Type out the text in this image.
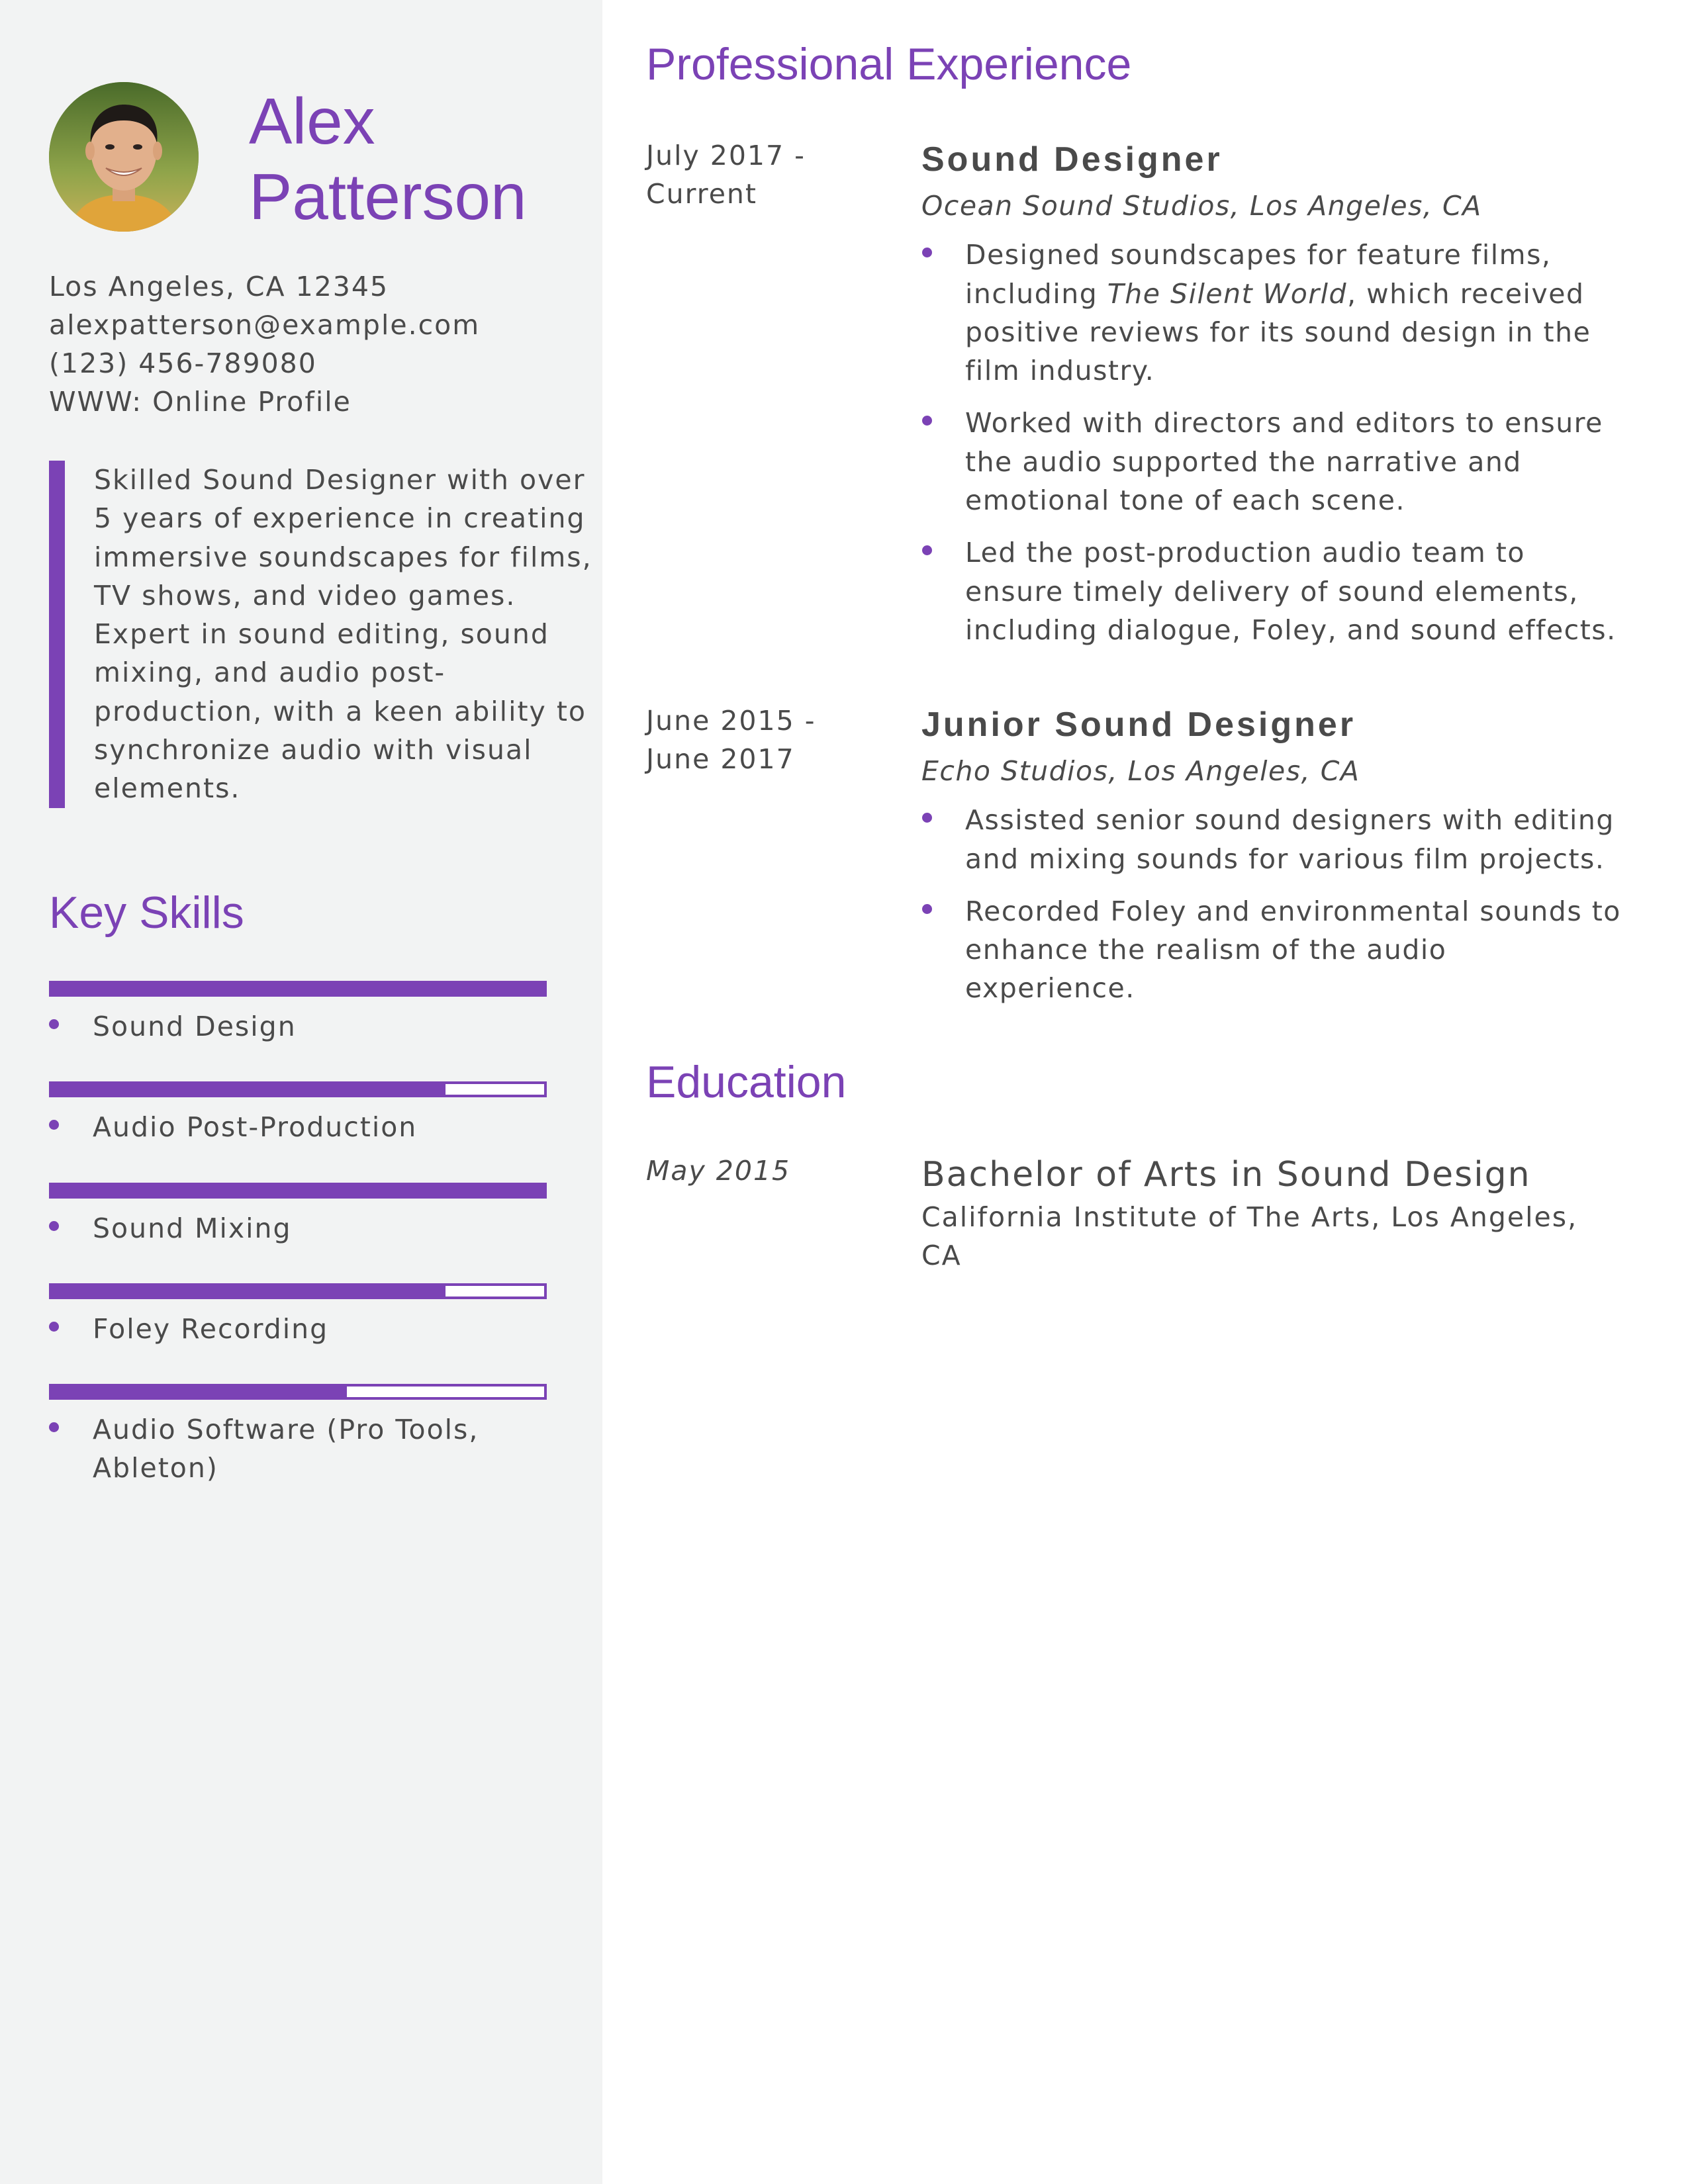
Alex
Patterson
Los Angeles, CA 12345
alexpatterson@example.com
(123) 456-789080
WWW: Online Profile
Skilled Sound Designer with over 5 years of experience in creating immersive soundscapes for films, TV shows, and video games. Expert in sound editing, sound mixing, and audio post-production, with a keen ability to synchronize audio with visual elements.
Key Skills
Sound Design
Audio Post-Production
Sound Mixing
Foley Recording
Audio Software (Pro Tools, Ableton)
Professional Experience
July 2017 -
Current
Sound Designer
Ocean Sound Studios, Los Angeles, CA
Designed soundscapes for feature films, including The Silent World, which received positive reviews for its sound design in the film industry.
Worked with directors and editors to ensure the audio supported the narrative and emotional tone of each scene.
Led the post-production audio team to ensure timely delivery of sound elements, including dialogue, Foley, and sound effects.
June 2015 -
June 2017
Junior Sound Designer
Echo Studios, Los Angeles, CA
Assisted senior sound designers with editing and mixing sounds for various film projects.
Recorded Foley and environmental sounds to enhance the realism of the audio experience.
Education
May 2015	Bachelor of Arts in Sound Design
California Institute of The Arts, Los Angeles, CA
